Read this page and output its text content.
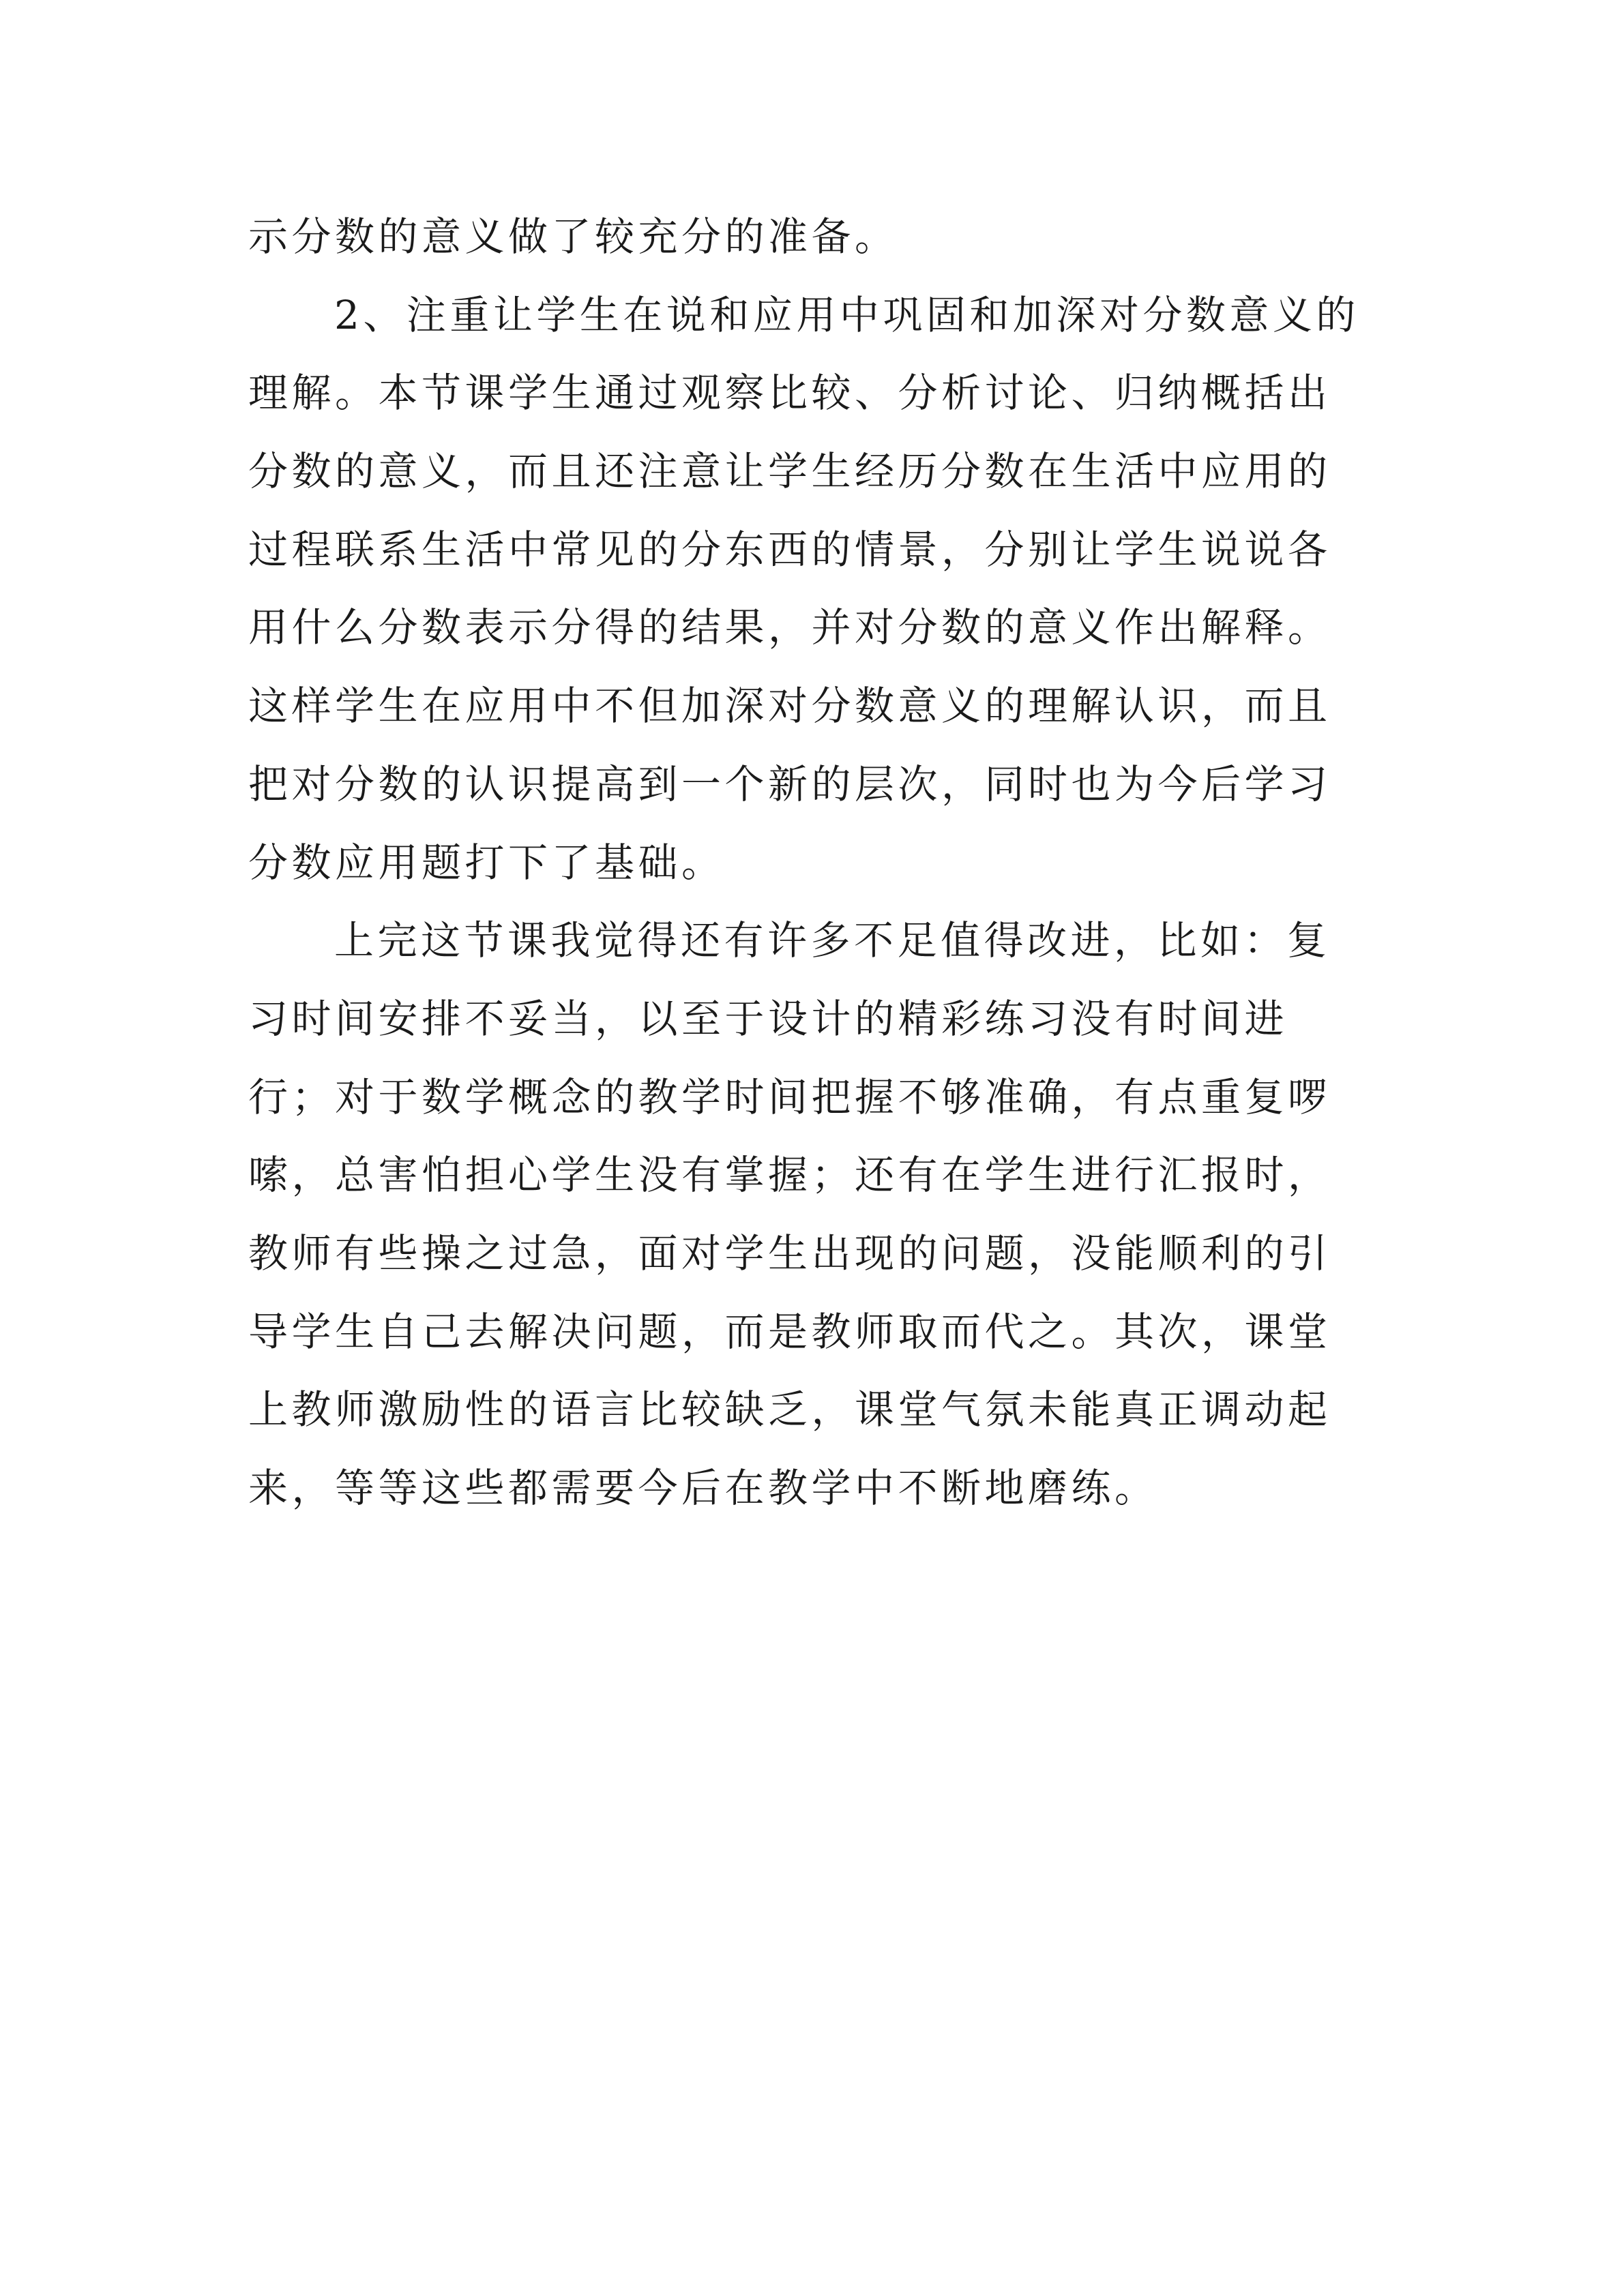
示分数的意义做了较充分的准备。
2、注重让学生在说和应用中巩固和加深对分数意义的
理解。本节课学生通过观察比较、分析讨论、归纳概括出
分数的意义，而且还注意让学生经历分数在生活中应用的
过程联系生活中常见的分东西的情景，分别让学生说说各
用什么分数表示分得的结果，并对分数的意义作出解释。
这样学生在应用中不但加深对分数意义的理解认识，而且
把对分数的认识提高到一个新的层次，同时也为今后学习
分数应用题打下了基础。
上完这节课我觉得还有许多不足值得改进，比如：复
习时间安排不妥当，以至于设计的精彩练习没有时间进
行；对于数学概念的教学时间把握不够准确，有点重复啰
嗦，总害怕担心学生没有掌握；还有在学生进行汇报时，
教师有些操之过急，面对学生出现的问题，没能顺利的引
导学生自己去解决问题，而是教师取而代之。其次，课堂
上教师激励性的语言比较缺乏，课堂气氛未能真正调动起
来，等等这些都需要今后在教学中不断地磨练。
